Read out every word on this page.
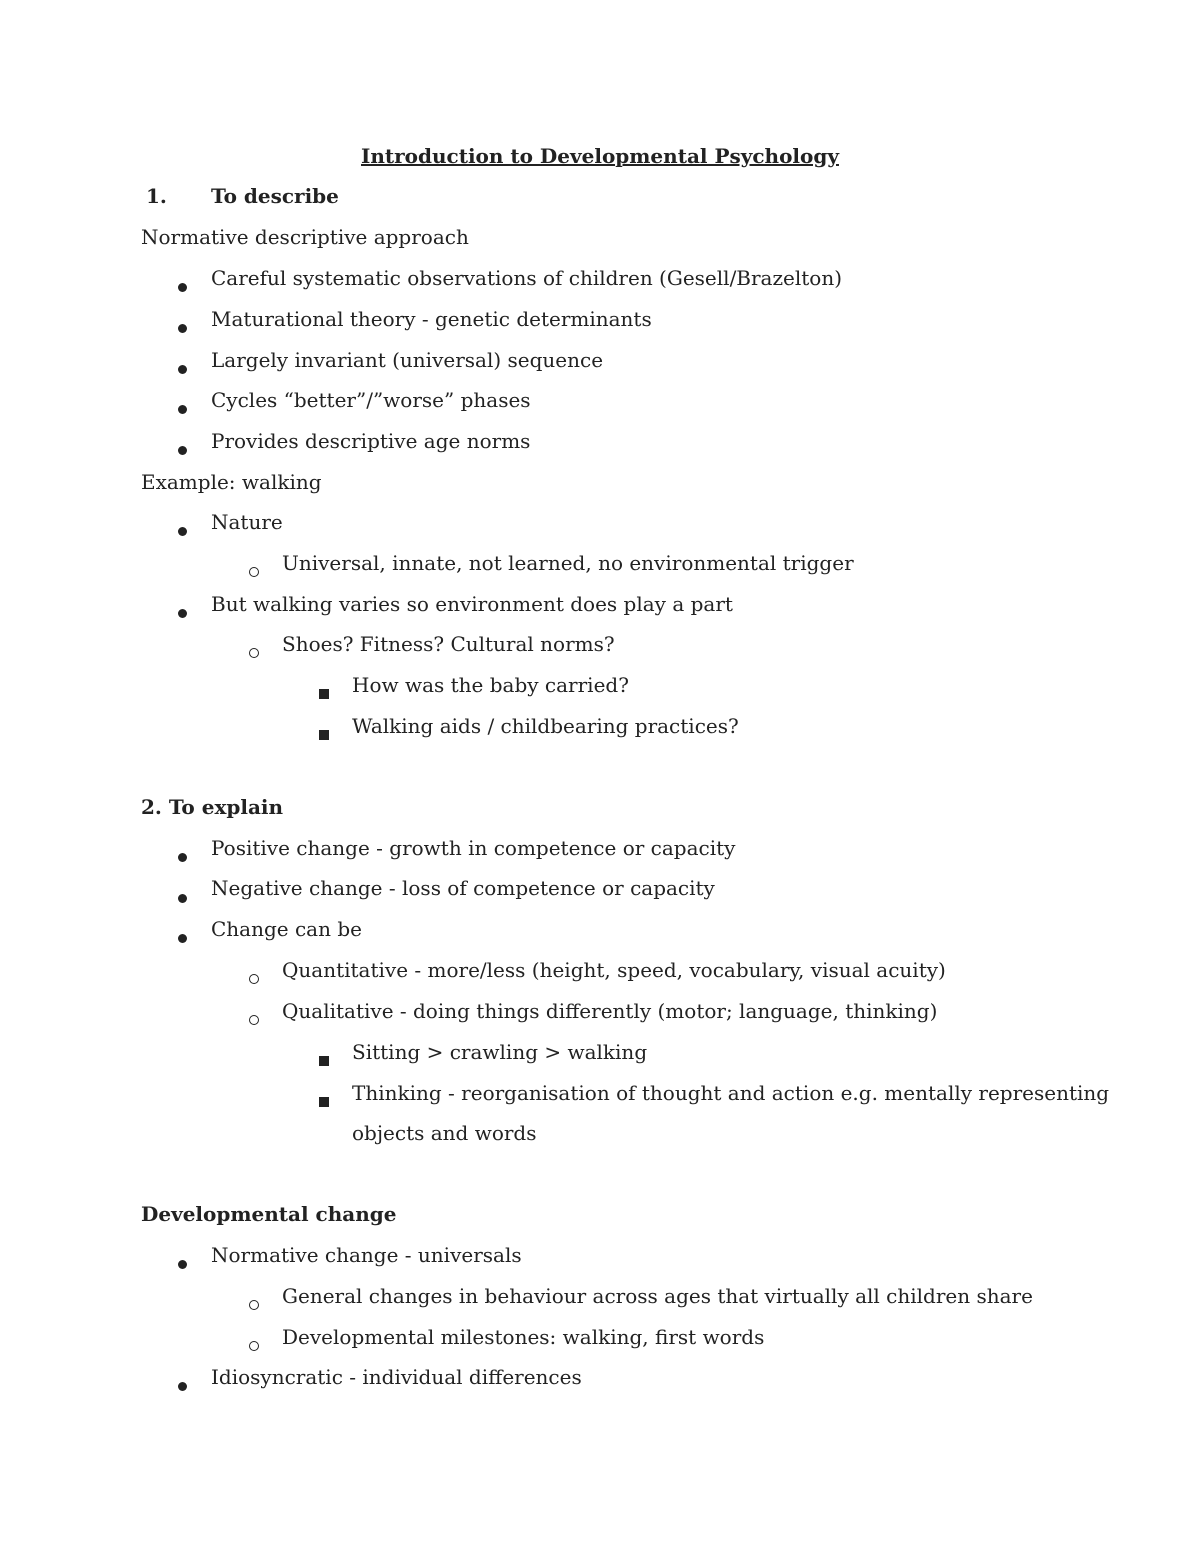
Introduction to Developmental Psychology
1. To describe
Normative descriptive approach
Careful systematic observations of children (Gesell/Brazelton)
Maturational theory - genetic determinants
Largely invariant (universal) sequence
Cycles “better”/”worse” phases
Provides descriptive age norms
Example: walking
Nature
Universal, innate, not learned, no environmental trigger
But walking varies so environment does play a part
Shoes? Fitness? Cultural norms?
How was the baby carried?
Walking aids / childbearing practices?
2. To explain
Positive change - growth in competence or capacity
Negative change - loss of competence or capacity
Change can be
Quantitative - more/less (height, speed, vocabulary, visual acuity)
Qualitative - doing things differently (motor; language, thinking)
Sitting > crawling > walking
Thinking - reorganisation of thought and action e.g. mentally representing
objects and words
Developmental change
Normative change - universals
General changes in behaviour across ages that virtually all children share
Developmental milestones: walking, first words
Idiosyncratic - individual differences
